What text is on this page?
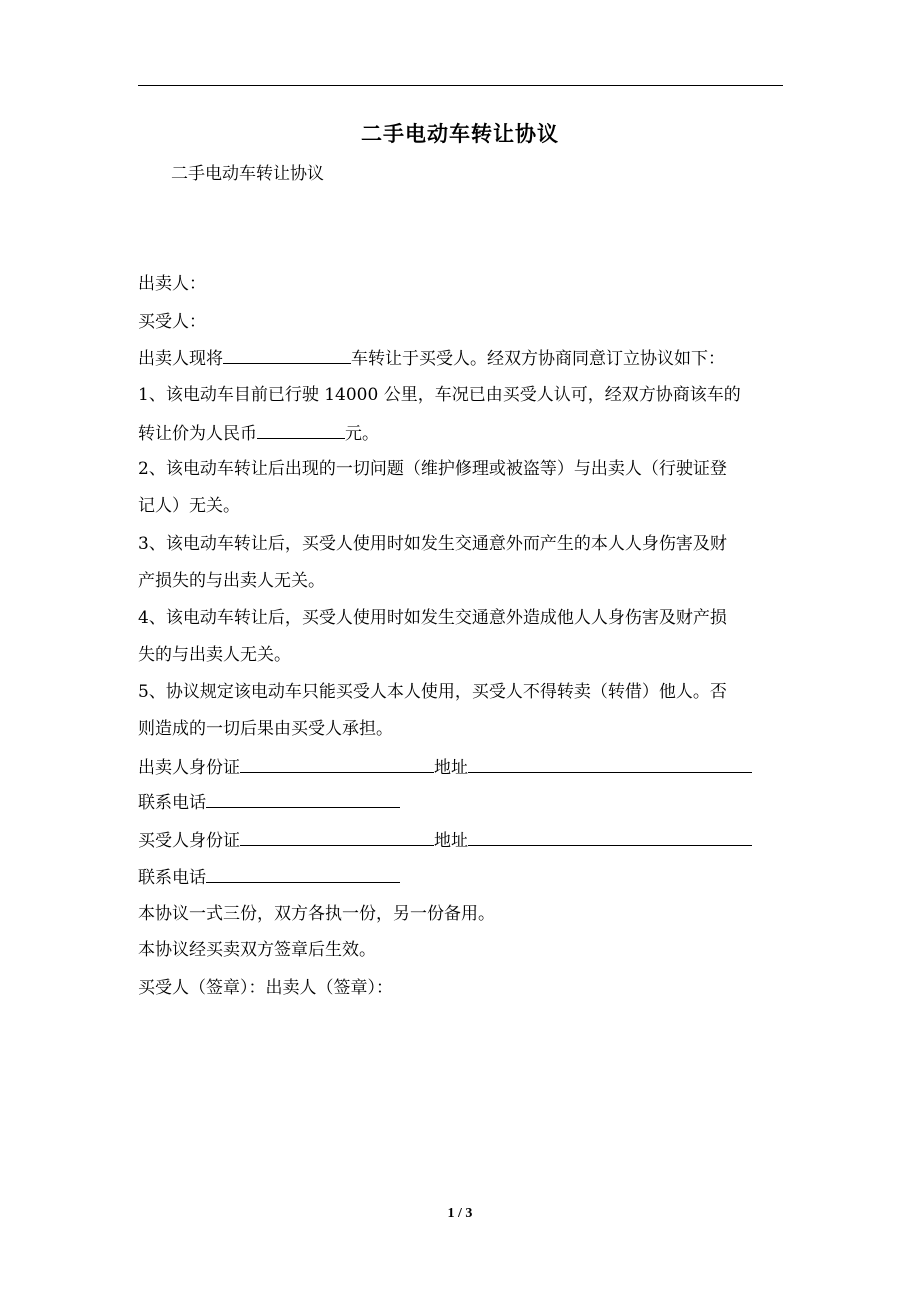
二手电动车转让协议

二手电动车转让协议

出卖人：

买受人：

出卖人现将	车转让于买受人。经双方协商同意订立协议如下：

1、该电动车目前已行驶 14000 公里，车况已由买受人认可，经双方协商该车的

转让价为人民币	元。

2、该电动车转让后出现的一切问题（维护修理或被盗等）与出卖人（行驶证登

记人）无关。

3、该电动车转让后，买受人使用时如发生交通意外而产生的本人人身伤害及财

产损失的与出卖人无关。

4、该电动车转让后，买受人使用时如发生交通意外造成他人人身伤害及财产损

失的与出卖人无关。

5、协议规定该电动车只能买受人本人使用，买受人不得转卖（转借）他人。否

则造成的一切后果由买受人承担。

出卖人身份证	地址

联系电话

买受人身份证	地址

联系电话

本协议一式三份，双方各执一份，另一份备用。

本协议经买卖双方签章后生效。

买受人（签章）：出卖人（签章）：

1 / 3
